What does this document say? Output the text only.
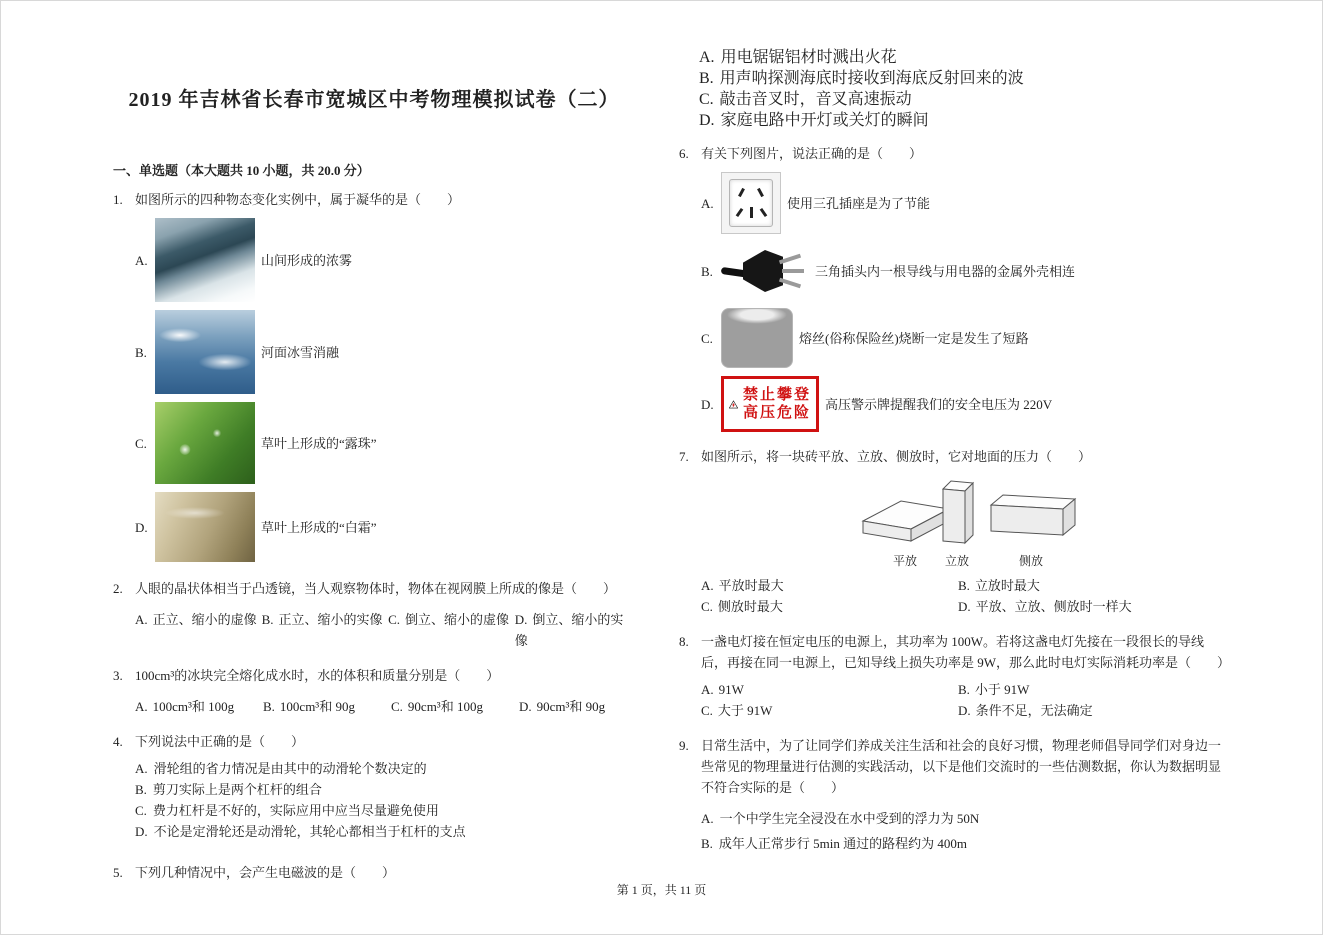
2019 年吉林省长春市宽城区中考物理模拟试卷（二）
一、单选题（本大题共 10 小题，共 20.0 分）
1. 如图所示的四种物态变化实例中，属于凝华的是（　　）
A.	山间形成的浓雾
B.	河面冰雪消融
C.	草叶上形成的“露珠”
D.	草叶上形成的“白霜”
2. 人眼的晶状体相当于凸透镜，当人观察物体时，物体在视网膜上所成的像是（　　）
A. 正立、缩小的虚像 B. 正立、缩小的实像 C. 倒立、缩小的虚像 D. 倒立、缩小的实像
3. 100cm³的冰块完全熔化成水时，水的体积和质量分别是（　　）
A. 100cm³和 100g	B. 100cm³和 90g	C. 90cm³和 100g	D. 90cm³和 90g
4. 下列说法中正确的是（　　）
A. 滑轮组的省力情况是由其中的动滑轮个数决定的
B. 剪刀实际上是两个杠杆的组合
C. 费力杠杆是不好的，实际应用中应当尽量避免使用
D. 不论是定滑轮还是动滑轮，其轮心都相当于杠杆的支点
5. 下列几种情况中，会产生电磁波的是（　　）
A. 用电锯锯铝材时溅出火花
B. 用声呐探测海底时接收到海底反射回来的波
C. 敲击音叉时，音叉高速振动
D. 家庭电路中开灯或关灯的瞬间
6. 有关下列图片，说法正确的是（　　）
A.	使用三孔插座是为了节能
B.	三角插头内一根导线与用电器的金属外壳相连
C.	熔丝(俗称保险丝)烧断一定是发生了短路
D.
禁止攀登
高压危险 高压警示牌提醒我们的安全电压为 220V
7. 如图所示，将一块砖平放、立放、侧放时，它对地面的压力（　　）
平放 立放	侧放
A. 平放时最大	B. 立放时最大
C. 侧放时最大	D. 平放、立放、侧放时一样大
8. 一盏电灯接在恒定电压的电源上，其功率为 100W。若将这盏电灯先接在一段很长的导线后，再接在同一电源上，已知导线上损失功率是 9W，那么此时电灯实际消耗功率是（　　）
A. 91W	B. 小于 91W
C. 大于 91W	D. 条件不足，无法确定
9. 日常生活中，为了让同学们养成关注生活和社会的良好习惯，物理老师倡导同学们对身边一些常见的物理量进行估测的实践活动，以下是他们交流时的一些估测数据，你认为数据明显不符合实际的是（　　）
A. 一个中学生完全浸没在水中受到的浮力为 50N
B. 成年人正常步行 5min 通过的路程约为 400m
第 1 页，共 11 页
